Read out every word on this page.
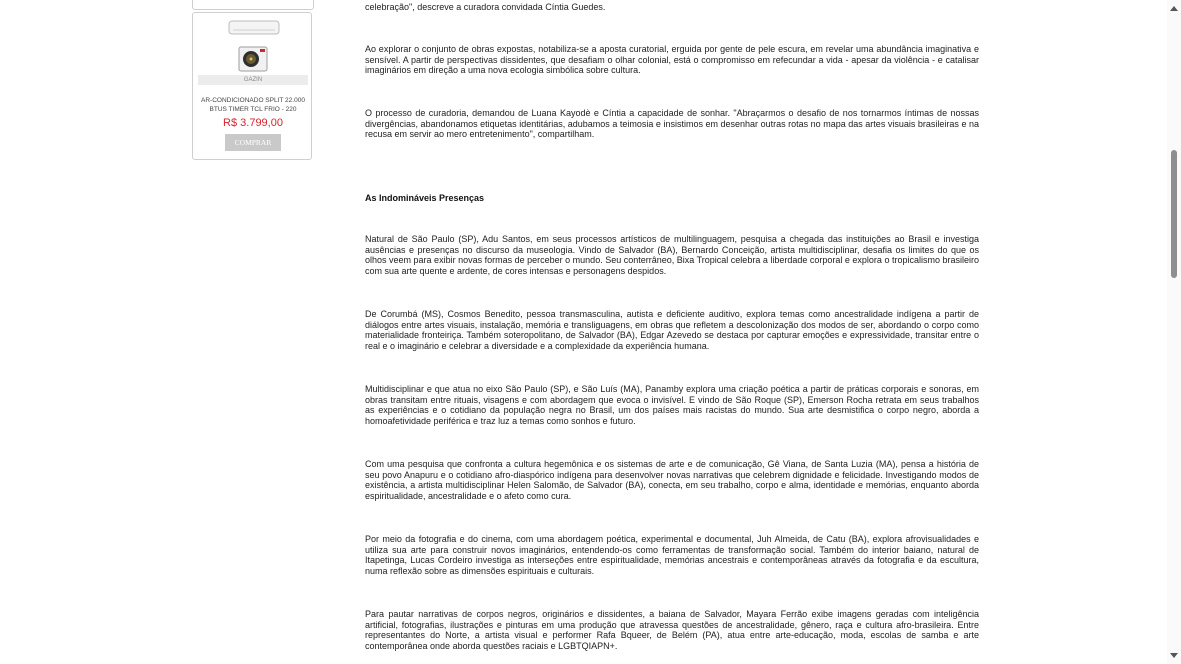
GAZIN
AR-CONDICIONADO SPLIT 22.000 BTUS TIMER TCL FRIO - 220
R$ 3.799,00
COMPRAR

celebração", descreve a curadora convidada Cíntia Guedes.

Ao explorar o conjunto de obras expostas, notabiliza-se a aposta curatorial, erguida por gente de pele escura, em revelar uma abundância imaginativa e sensível. A partir de perspectivas dissidentes, que desafiam o olhar colonial, está o compromisso em refecundar a vida - apesar da violência - e catalisar imaginários em direção a uma nova ecologia simbólica sobre cultura.

O processo de curadoria, demandou de Luana Kayodè e Cíntia a capacidade de sonhar. "Abraçarmos o desafio de nos tornarmos íntimas de nossas divergências, abandonamos etiquetas identitárias, adubamos a teimosia e insistimos em desenhar outras rotas no mapa das artes visuais brasileiras e na recusa em servir ao mero entretenimento", compartilham.

As Indomináveis Presenças

Natural de São Paulo (SP), Adu Santos, em seus processos artísticos de multilinguagem, pesquisa a chegada das instituições ao Brasil e investiga ausências e presenças no discurso da museologia. Vindo de Salvador (BA), Bernardo Conceição, artista multidisciplinar, desafia os limites do que os olhos veem para exibir novas formas de perceber o mundo. Seu conterrâneo, Bixa Tropical celebra a liberdade corporal e explora o tropicalismo brasileiro com sua arte quente e ardente, de cores intensas e personagens despidos.

De Corumbá (MS), Cosmos Benedito, pessoa transmasculina, autista e deficiente auditivo, explora temas como ancestralidade indígena a partir de diálogos entre artes visuais, instalação, memória e transliguagens, em obras que refletem a descolonização dos modos de ser, abordando o corpo como materialidade fronteiriça. Também soteropolitano, de Salvador (BA), Edgar Azevedo se destaca por capturar emoções e expressividade, transitar entre o real e o imaginário e celebrar a diversidade e a complexidade da experiência humana.

Multidisciplinar e que atua no eixo São Paulo (SP), e São Luís (MA), Panamby explora uma criação poética a partir de práticas corporais e sonoras, em obras transitam entre rituais, visagens e com abordagem que evoca o invisível. E vindo de São Roque (SP), Emerson Rocha retrata em seus trabalhos as experiências e o cotidiano da população negra no Brasil, um dos países mais racistas do mundo. Sua arte desmistifica o corpo negro, aborda a homoafetividade periférica e traz luz a temas como sonhos e futuro.

Com uma pesquisa que confronta a cultura hegemônica e os sistemas de arte e de comunicação, Gê Viana, de Santa Luzia (MA), pensa a história de seu povo Anapuru e o cotidiano afro-diaspórico indígena para desenvolver novas narrativas que celebrem dignidade e felicidade. Investigando modos de existência, a artista multidisciplinar Helen Salomão, de Salvador (BA), conecta, em seu trabalho, corpo e alma, identidade e memórias, enquanto aborda espiritualidade, ancestralidade e o afeto como cura.

Por meio da fotografia e do cinema, com uma abordagem poética, experimental e documental, Juh Almeida, de Catu (BA), explora afrovisualidades e utiliza sua arte para construir novos imaginários, entendendo-os como ferramentas de transformação social. Também do interior baiano, natural de Itapetinga, Lucas Cordeiro investiga as interseções entre espiritualidade, memórias ancestrais e contemporâneas através da fotografia e da escultura, numa reflexão sobre as dimensões espirituais e culturais.

Para pautar narrativas de corpos negros, originários e dissidentes, a baiana de Salvador, Mayara Ferrão exibe imagens geradas com inteligência artificial, fotografias, ilustrações e pinturas em uma produção que atravessa questões de ancestralidade, gênero, raça e cultura afro-brasileira. Entre representantes do Norte, a artista visual e performer Rafa Bqueer, de Belém (PA), atua entre arte-educação, moda, escolas de samba e arte contemporânea onde aborda questões raciais e LGBTQIAPN+.
